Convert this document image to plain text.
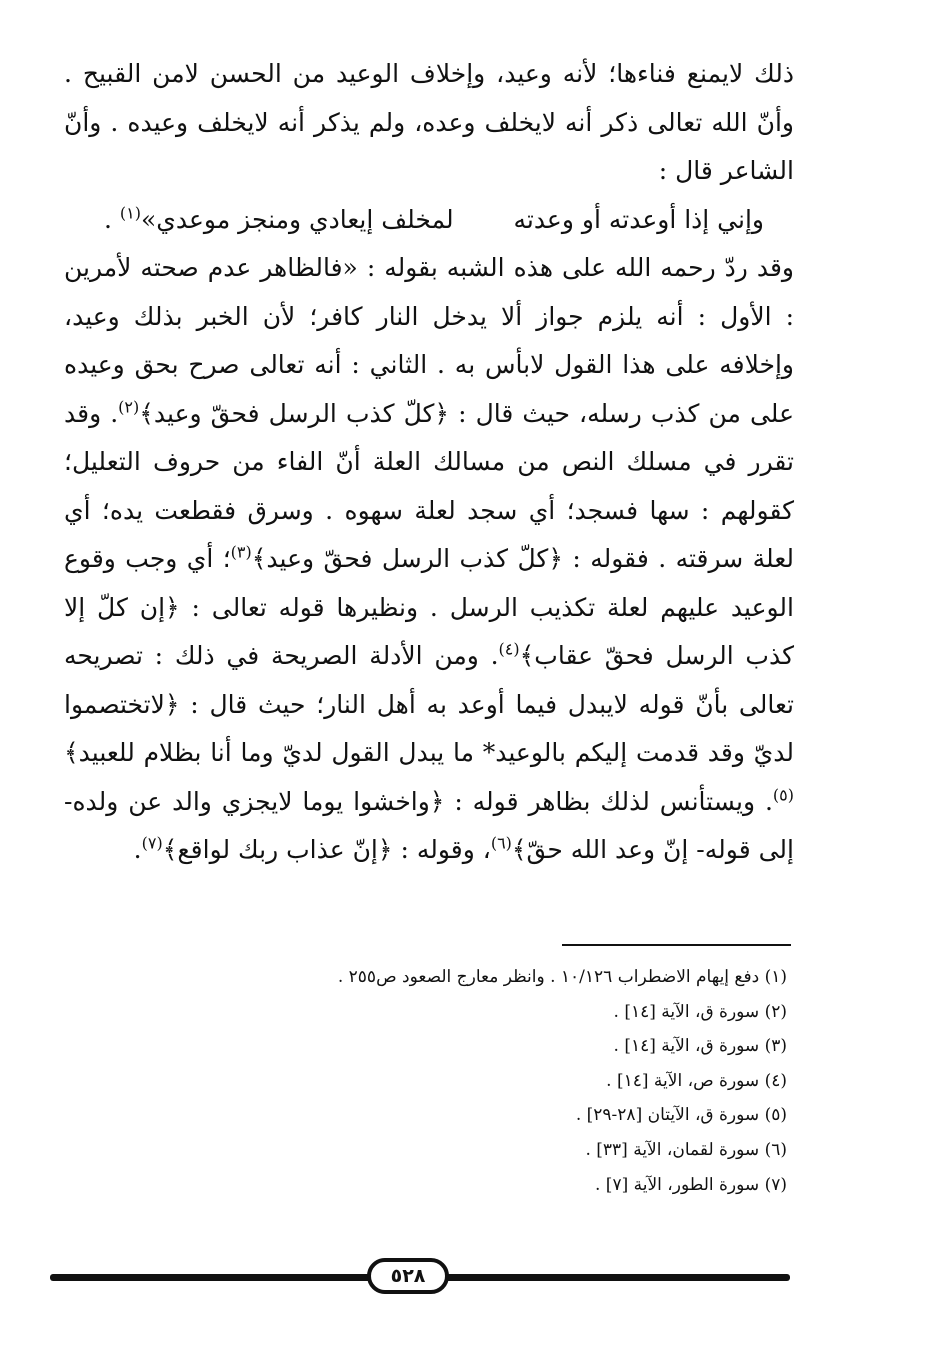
ذلك لايمنع فناءها؛ لأنه وعيد، وإخلاف الوعيد من الحسن لامن القبيح . وأنّ الله تعالى ذكر أنه لايخلف وعده، ولم يذكر أنه لايخلف وعيده . وأنّ الشاعر قال :

وإني إذا أوعدته أو وعدته
لمخلف إيعادي ومنجز موعدي»$^{(١)}$ .

وقد ردّ رحمه الله على هذه الشبه بقوله : «فالظاهر عدم صحته لأمرين : الأول : أنه يلزم جواز ألا يدخل النار كافر؛ لأن الخبر بذلك وعيد، وإخلافه على هذا القول لابأس به . الثاني : أنه تعالى صرح بحق وعيده على من كذب رسله، حيث قال : ﴿كلّ كذب الرسل فحقّ وعيد﴾$^{(٢)}$. وقد تقرر في مسلك النص من مسالك العلة أنّ الفاء من حروف التعليل؛ كقولهم : سها فسجد؛ أي سجد لعلة سهوه . وسرق فقطعت يده؛ أي لعلة سرقته . فقوله : ﴿كلّ كذب الرسل فحقّ وعيد﴾$^{(٣)}$؛ أي وجب وقوع الوعيد عليهم لعلة تكذيب الرسل . ونظيرها قوله تعالى : ﴿إن كلّ إلا كذب الرسل فحقّ عقاب﴾$^{(٤)}$. ومن الأدلة الصريحة في ذلك : تصريحه تعالى بأنّ قوله لايبدل فيما أوعد به أهل النار؛ حيث قال : ﴿لاتختصموا لديّ وقد قدمت إليكم بالوعيد* ما يبدل القول لديّ وما أنا بظلام للعبيد﴾$^{(٥)}$. ويستأنس لذلك بظاهر قوله : ﴿واخشوا يوما لايجزي والد عن ولده- إلى قوله- إنّ وعد الله حقّ﴾$^{(٦)}$، وقوله : ﴿إنّ عذاب ربك لواقع﴾$^{(٧)}$.

(١) دفع إيهام الاضطراب ١٠/١٢٦ . وانظر معارج الصعود ص٢٥٥ .
(٢) سورة ق، الآية [١٤] .
(٣) سورة ق، الآية [١٤] .
(٤) سورة ص، الآية [١٤] .
(٥) سورة ق، الآيتان [٢٨-٢٩] .
(٦) سورة لقمان، الآية [٣٣] .
(٧) سورة الطور، الآية [٧] .
٥٢٨
